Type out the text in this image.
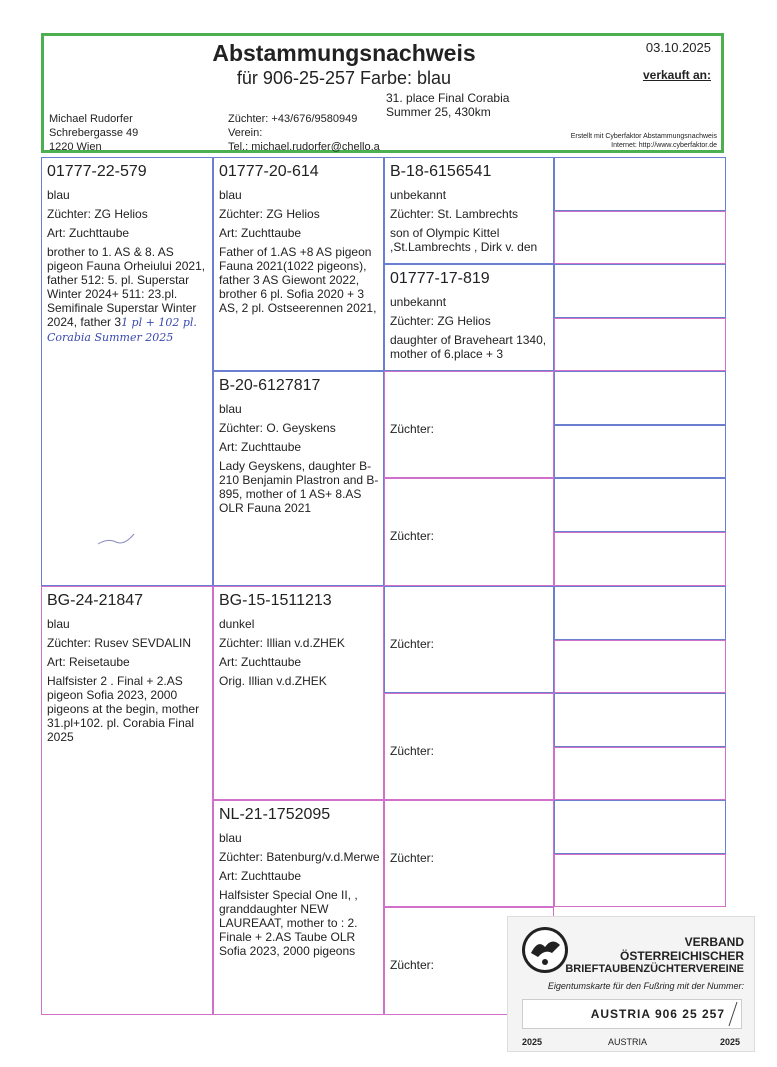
Abstammungsnachweis
für 906-25-257 Farbe: blau
03.10.2025
verkauft an:
31. place Final Corabia
Summer 25, 430km
Michael Rudorfer
Schrebergasse 49
1220 Wien
Züchter: +43/676/9580949
Verein:
Tel.: michael.rudorfer@chello.a
Erstellt mit Cyberfaktor Abstammungsnachweis
Internet: http://www.cyberfaktor.de
01777-22-579
blau
Züchter: ZG Helios
Art: Zuchttaube
brother to 1. AS & 8. AS pigeon Fauna Orheiului 2021, father 512: 5. pl. Superstar Winter 2024+ 511: 23.pl. Semifinale Superstar Winter 2024, father 31 pl + 102 pl. Corabia Summer 2025
01777-20-614
blau
Züchter: ZG Helios
Art: Zuchttaube
Father of 1.AS +8 AS pigeon Fauna 2021(1022 pigeons), father 3 AS Giewont 2022, brother 6 pl. Sofia 2020 + 3 AS, 2 pl. Ostseerennen 2021,
B-18-6156541
unbekannt
Züchter: St. Lambrechts
son of Olympic Kittel ,St.Lambrechts , Dirk v. den
01777-17-819
unbekannt
Züchter: ZG Helios
daughter of Braveheart 1340, mother of 6.place + 3
B-20-6127817
blau
Züchter: O. Geyskens
Art: Zuchttaube
Lady Geyskens, daughter B-210 Benjamin Plastron and B-895, mother of 1 AS+ 8.AS OLR Fauna 2021
Züchter:
Züchter:
BG-24-21847
blau
Züchter: Rusev SEVDALIN
Art: Reisetaube
Halfsister 2 . Final + 2.AS pigeon Sofia 2023, 2000 pigeons at the begin, mother 31.pl+102. pl. Corabia Final 2025
BG-15-1511213
dunkel
Züchter: Illian v.d.ZHEK
Art: Zuchttaube
Orig. Illian v.d.ZHEK
Züchter:
Züchter:
NL-21-1752095
blau
Züchter: Batenburg/v.d.Merwe
Art: Zuchttaube
Halfsister Special One II, , granddaughter NEW LAUREAAT, mother to : 2. Finale + 2.AS Taube OLR Sofia 2023, 2000 pigeons
Züchter:
Züchter:
VERBAND
ÖSTERREICHISCHER
BRIEFTAUBENZÜCHTERVEREINE
Eigentumskarte für den Fußring mit der Nummer:
AUSTRIA 906 25 257
2025	AUSTRIA	2025
